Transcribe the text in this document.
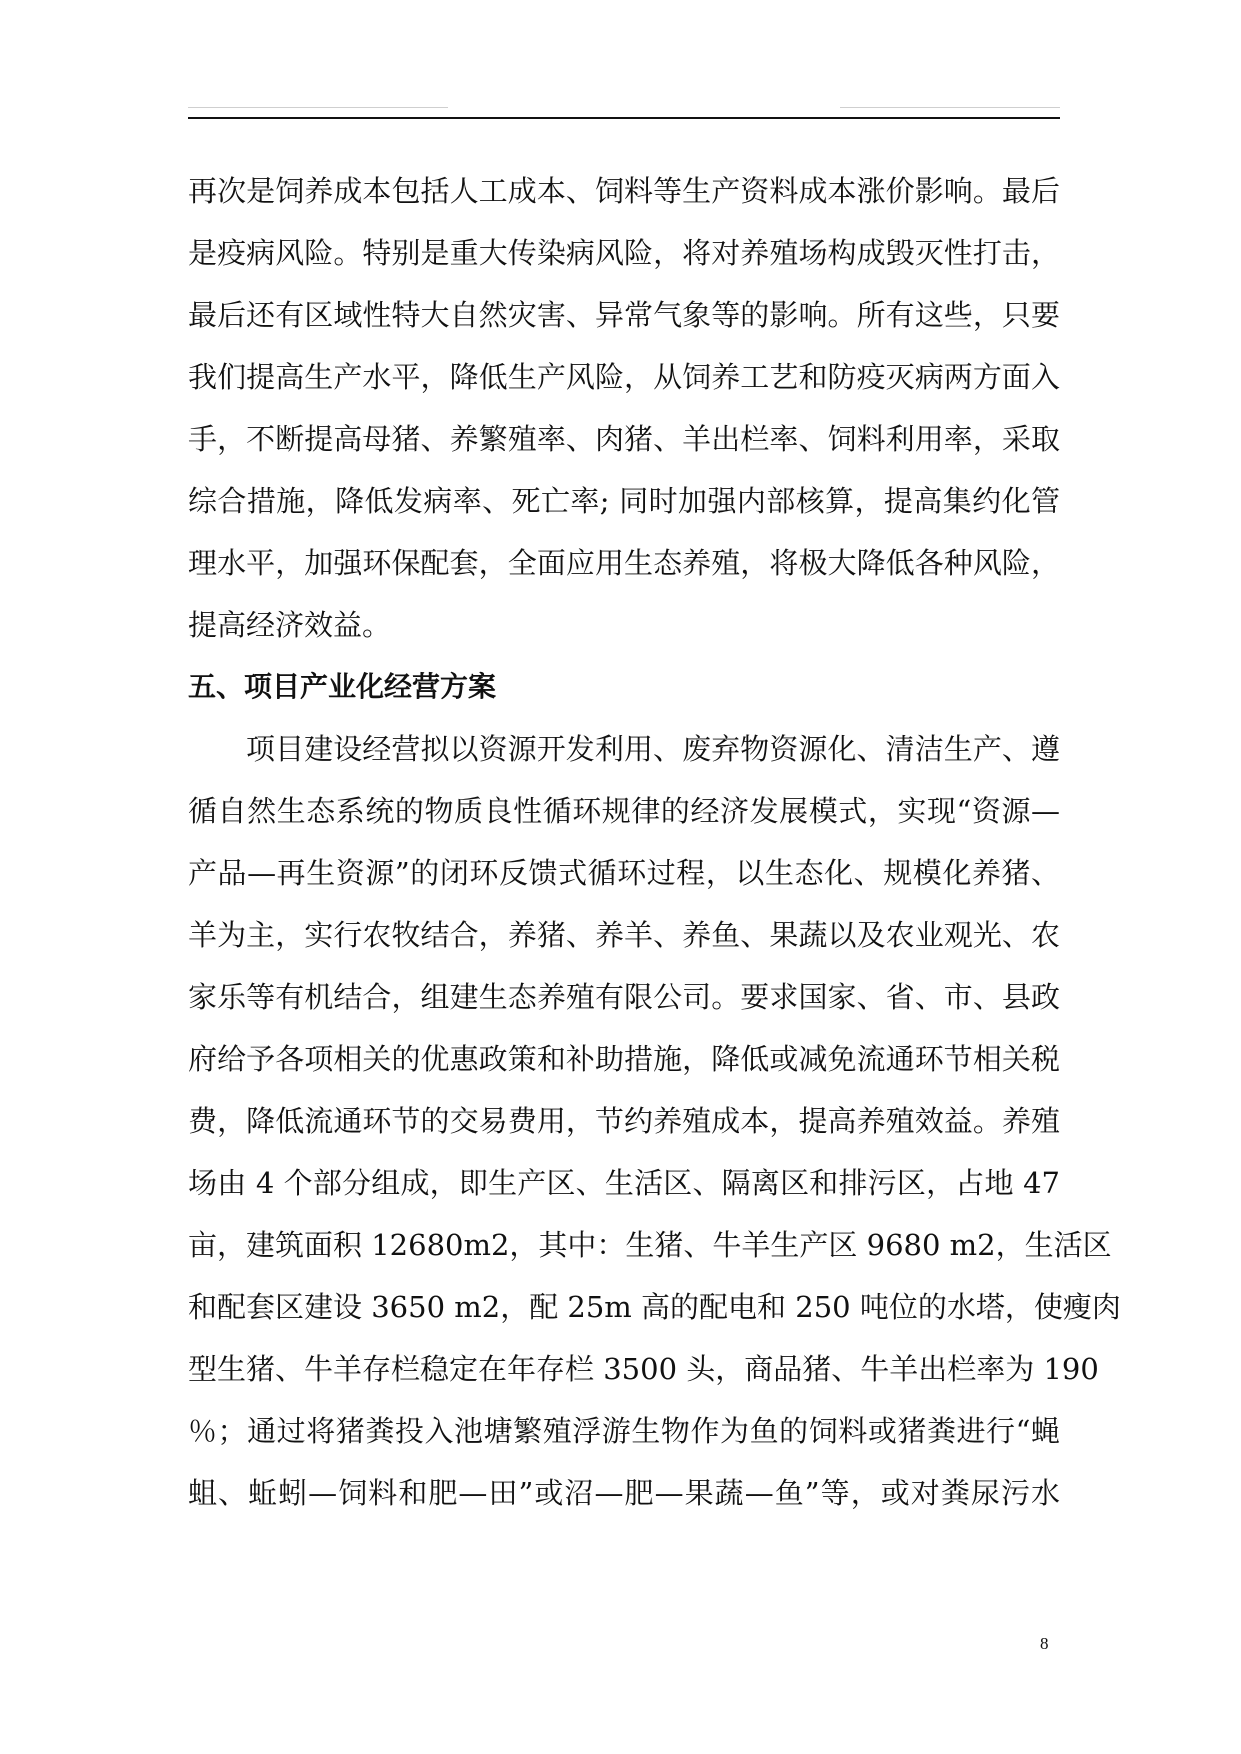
再次是饲养成本包括人工成本、饲料等生产资料成本涨价影响。最后
是疫病风险。特别是重大传染病风险，将对养殖场构成毁灭性打击，
最后还有区域性特大自然灾害、异常气象等的影响。所有这些，只要
我们提高生产水平，降低生产风险，从饲养工艺和防疫灭病两方面入
手，不断提高母猪、养繁殖率、肉猪、羊出栏率、饲料利用率，采取
综合措施，降低发病率、死亡率; 同时加强内部核算，提高集约化管
理水平，加强环保配套，全面应用生态养殖，将极大降低各种风险，
提高经济效益。
五、项目产业化经营方案
项目建设经营拟以资源开发利用、废弃物资源化、清洁生产、遵
循自然生态系统的物质良性循环规律的经济发展模式，实现“资源—
产品—再生资源”的闭环反馈式循环过程，以生态化、规模化养猪、
羊为主，实行农牧结合，养猪、养羊、养鱼、果蔬以及农业观光、农
家乐等有机结合，组建生态养殖有限公司。要求国家、省、市、县政
府给予各项相关的优惠政策和补助措施，降低或减免流通环节相关税
费，降低流通环节的交易费用，节约养殖成本，提高养殖效益。养殖
场由 4 个部分组成，即生产区、生活区、隔离区和排污区，占地 47
亩，建筑面积 12680m2，其中：生猪、牛羊生产区 9680 m2，生活区
和配套区建设 3650 m2，配 25m 高的配电和 250 吨位的水塔，使瘦肉
型生猪、牛羊存栏稳定在年存栏 3500 头，商品猪、牛羊出栏率为 190
％；通过将猪粪投入池塘繁殖浮游生物作为鱼的饲料或猪粪进行“蝇
蛆、蚯蚓—饲料和肥—田”或沼—肥—果蔬—鱼”等，或对粪尿污水
8
